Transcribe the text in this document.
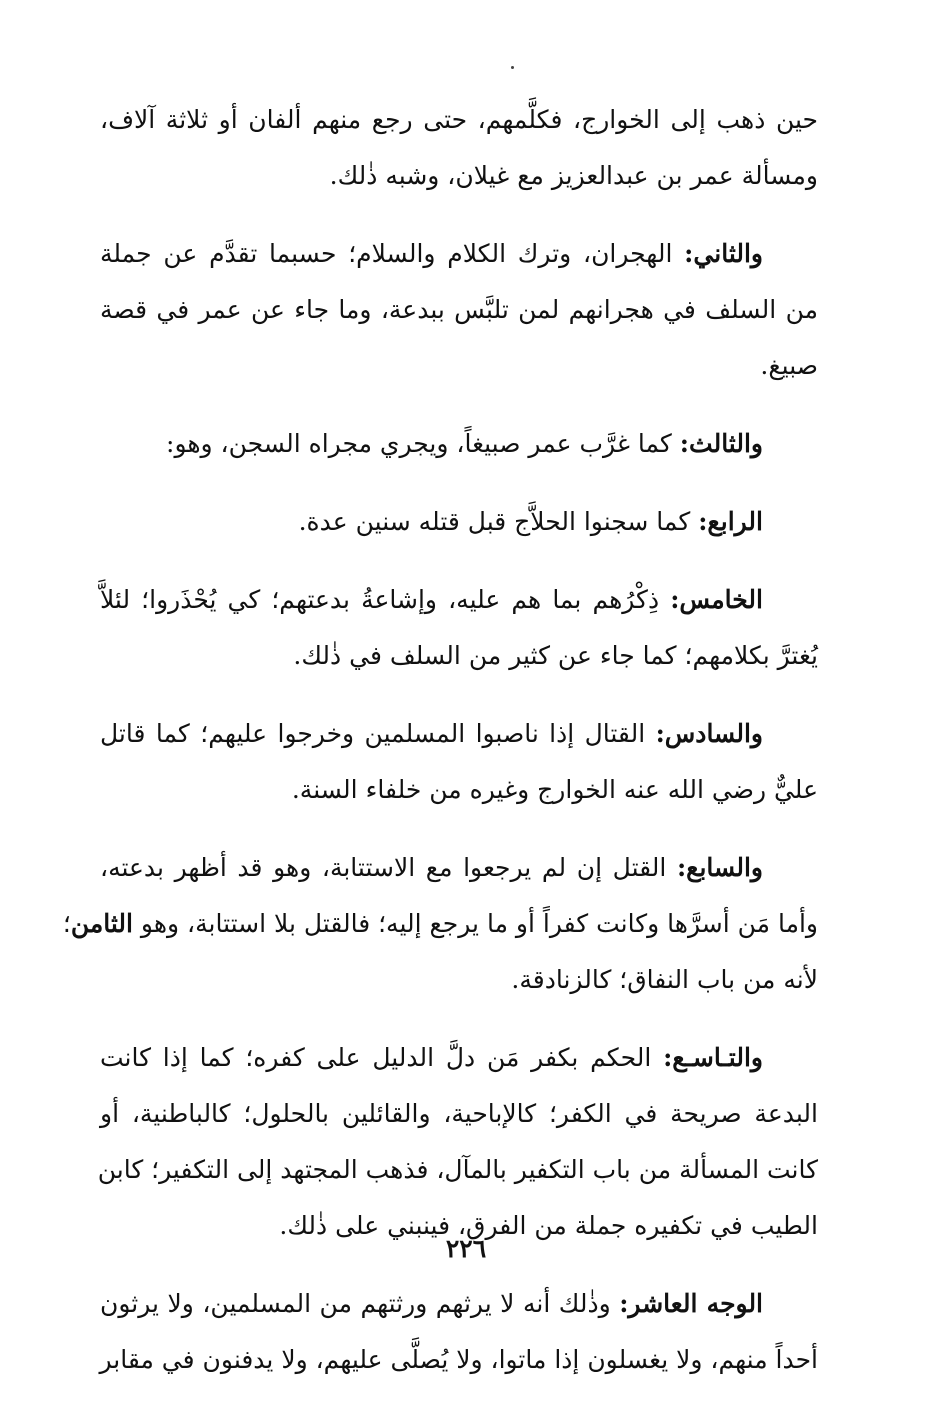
حين ذهب إلى الخوارج، فكلَّمهم، حتى رجع منهم ألفان أو ثلاثة آلاف،
ومسألة عمر بن عبدالعزيز مع غيلان، وشبه ذٰلك.
والثاني: الهجران، وترك الكلام والسلام؛ حسبما تقدَّم عن جملة
من السلف في هجرانهم لمن تلبَّس ببدعة، وما جاء عن عمر في قصة
صبيغ.
والثالث: كما غرَّب عمر صبيغاً، ويجري مجراه السجن، وهو:
الرابع: كما سجنوا الحلاَّج قبل قتله سنين عدة.
الخامس: ذِكْرُهم بما هم عليه، وإشاعةُ بدعتهم؛ كي يُحْذَروا؛ لئلاَّ
يُغترَّ بكلامهم؛ كما جاء عن كثير من السلف في ذٰلك.
والسادس: القتال إذا ناصبوا المسلمين وخرجوا عليهم؛ كما قاتل
عليٌّ رضي الله عنه الخوارج وغيره من خلفاء السنة.
والسابع: القتل إن لم يرجعوا مع الاستتابة، وهو قد أظهر بدعته،
وأما مَن أسرَّها وكانت كفراً أو ما يرجع إليه؛ فالقتل بلا استتابة، وهو الثامن؛
لأنه من باب النفاق؛ كالزنادقة.
والتـاسـع: الحكم بكفر مَن دلَّ الدليل على كفره؛ كما إذا كانت
البدعة صريحة في الكفر؛ كالإباحية، والقائلين بالحلول؛ كالباطنية، أو
كانت المسألة من باب التكفير بالمآل، فذهب المجتهد إلى التكفير؛ كابن
الطيب في تكفيره جملة من الفرق، فينبني على ذٰلك.
الوجه العاشر: وذٰلك أنه لا يرثهم ورثتهم من المسلمين، ولا يرثون
أحداً منهم، ولا يغسلون إذا ماتوا، ولا يُصلَّى عليهم، ولا يدفنون في مقابر
٢٢٦
